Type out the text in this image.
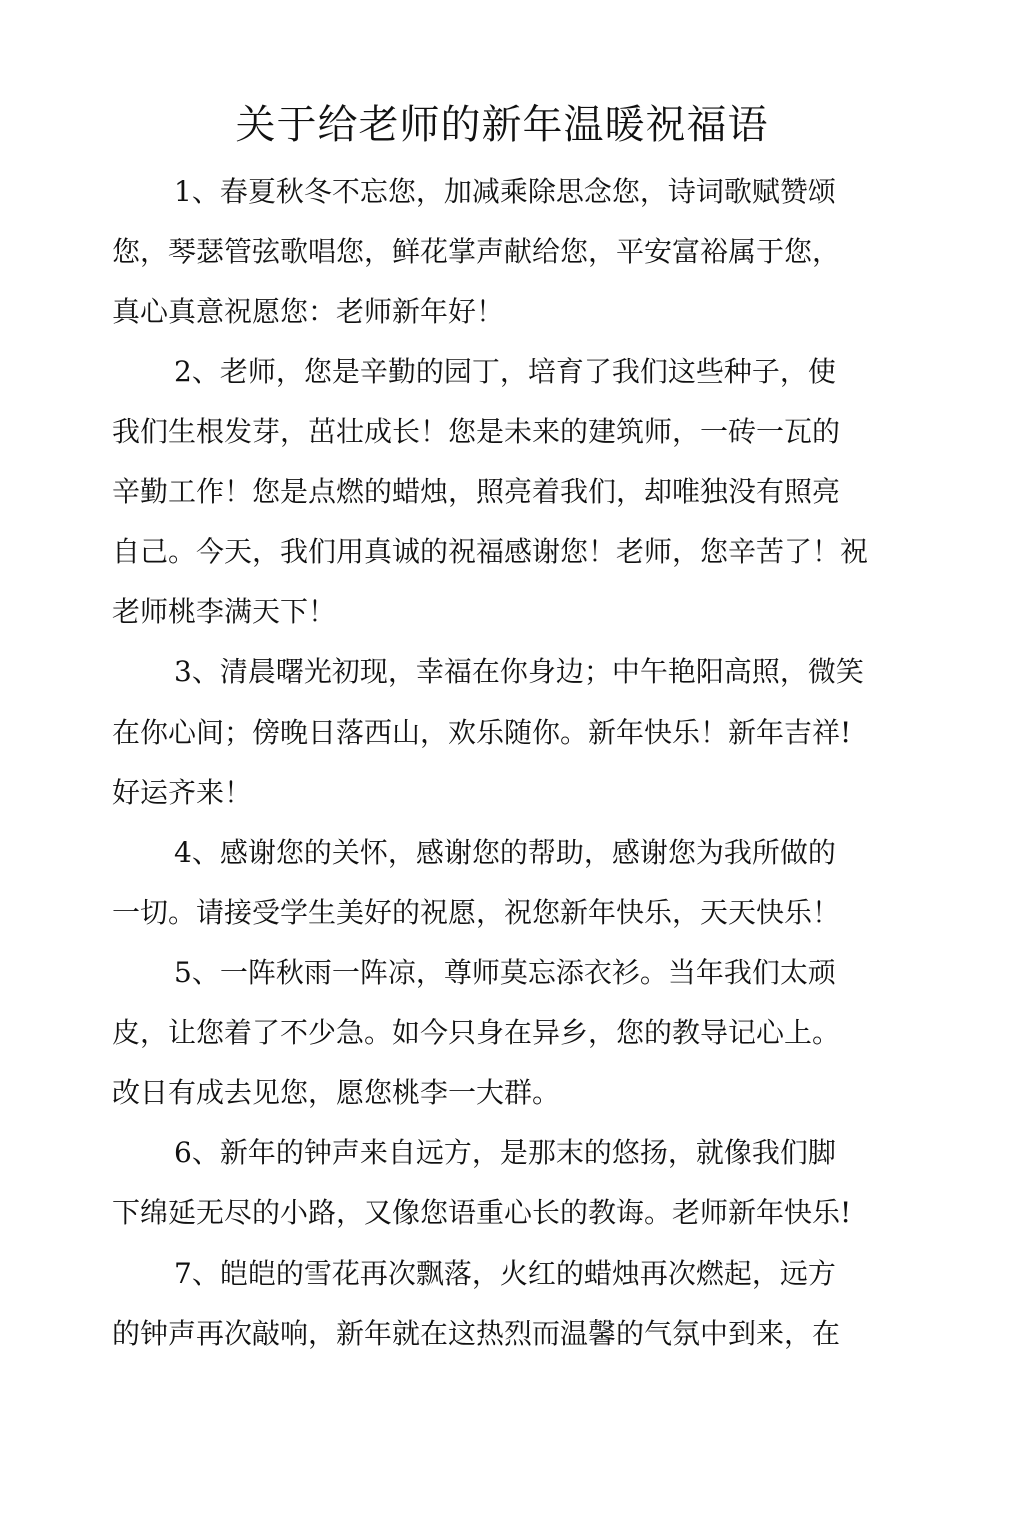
关于给老师的新年温暖祝福语

1、春夏秋冬不忘您，加减乘除思念您，诗词歌赋赞颂

您，琴瑟管弦歌唱您，鲜花掌声献给您，平安富裕属于您，

真心真意祝愿您：老师新年好！

2、老师，您是辛勤的园丁，培育了我们这些种子，使

我们生根发芽，茁壮成长！您是未来的建筑师，一砖一瓦的

辛勤工作！您是点燃的蜡烛，照亮着我们，却唯独没有照亮

自己。今天，我们用真诚的祝福感谢您！老师，您辛苦了！祝

老师桃李满天下！

3、清晨曙光初现，幸福在你身边；中午艳阳高照，微笑

在你心间；傍晚日落西山，欢乐随你。新年快乐！新年吉祥!

好运齐来！

4、感谢您的关怀，感谢您的帮助，感谢您为我所做的

一切。请接受学生美好的祝愿，祝您新年快乐，天天快乐！

5、一阵秋雨一阵凉，尊师莫忘添衣衫。当年我们太顽

皮，让您着了不少急。如今只身在异乡，您的教导记心上。

改日有成去见您，愿您桃李一大群。

6、新年的钟声来自远方，是那末的悠扬，就像我们脚

下绵延无尽的小路，又像您语重心长的教诲。老师新年快乐!

7、皑皑的雪花再次飘落，火红的蜡烛再次燃起，远方

的钟声再次敲响，新年就在这热烈而温馨的气氛中到来，在
